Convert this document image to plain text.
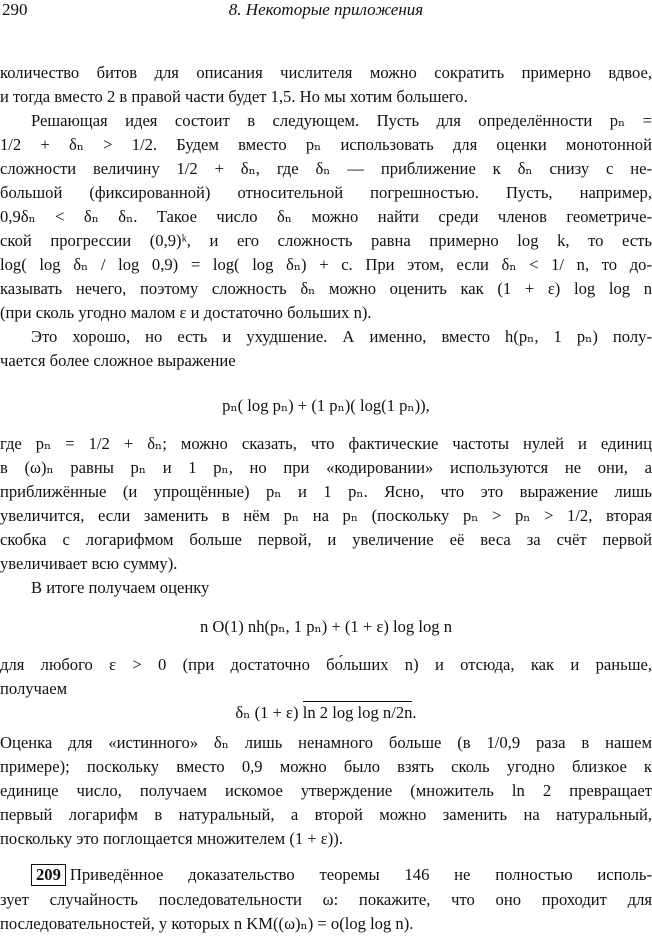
290	8. Некоторые приложения
количество битов для описания числителя можно сократить примерно вдвое,
и тогда вместо 2 в правой части будет 1,5. Но мы хотим большего.
Решающая идея состоит в следующем. Пусть для определённости pₙ =
1/2 + δₙ > 1/2. Будем вместо pₙ использовать для оценки монотонной
сложности величину 1/2 + δₙ, где δₙ — приближение к δₙ снизу с не-
большой (фиксированной) относительной погрешностью. Пусть, например,
0,9δₙ < δₙ δₙ. Такое число δₙ можно найти среди членов геометриче-
ской прогрессии (0,9)ᵏ, и его сложность равна примерно log k, то есть
log( log δₙ / log 0,9) = log( log δₙ) + c. При этом, если δₙ < 1/ n, то до-
казывать нечего, поэтому сложность δₙ можно оценить как (1 + ε) log log n
(при сколь угодно малом ε и достаточно больших n).
Это хорошо, но есть и ухудшение. А именно, вместо h(pₙ, 1 pₙ) полу-
чается более сложное выражение
pₙ( log pₙ) + (1 pₙ)( log(1 pₙ)),
где pₙ = 1/2 + δₙ; можно сказать, что фактические частоты нулей и единиц
в (ω)ₙ равны pₙ и 1 pₙ, но при «кодировании» используются не они, а
приближённые (и упрощённые) pₙ и 1 pₙ. Ясно, что это выражение лишь
увеличится, если заменить в нём pₙ на pₙ (поскольку pₙ > pₙ > 1/2, вторая
скобка с логарифмом больше первой, и увеличение её веса за счёт первой
увеличивает всю сумму).
В итоге получаем оценку
n O(1) nh(pₙ, 1 pₙ) + (1 + ε) log log n
для любого ε > 0 (при достаточно бо́льших n) и отсюда, как и раньше,
получаем
δₙ (1 + ε) ln 2 log log n/2n.
Оценка для «истинного» δₙ лишь ненамного больше (в 1/0,9 раза в нашем
примере); поскольку вместо 0,9 можно было взять сколь угодно близкое к
единице число, получаем искомое утверждение (множитель ln 2 превращает
первый логарифм в натуральный, а второй можно заменить на натуральный,
поскольку это поглощается множителем (1 + ε)).
209 Приведённое доказательство теоремы 146 не полностью исполь-
зует случайность последовательности ω: покажите, что оно проходит для
последовательностей, у которых n KM((ω)ₙ) = o(log log n).
